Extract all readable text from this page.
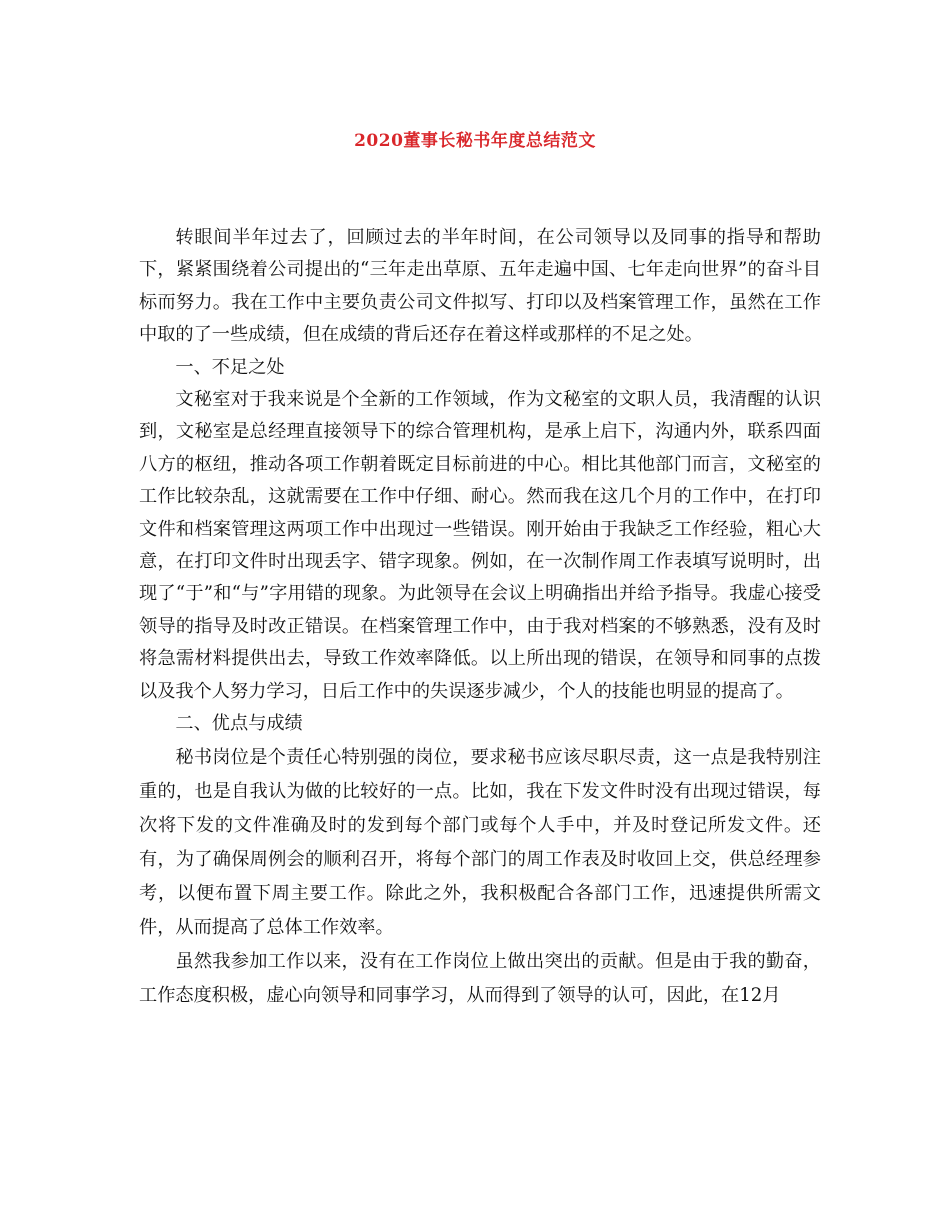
2020董事长秘书年度总结范文

转眼间半年过去了，回顾过去的半年时间，在公司领导以及同事的指导和帮助下，紧紧围绕着公司提出的“三年走出草原、五年走遍中国、七年走向世界”的奋斗目标而努力。我在工作中主要负责公司文件拟写、打印以及档案管理工作，虽然在工作中取的了一些成绩，但在成绩的背后还存在着这样或那样的不足之处。

一、不足之处

文秘室对于我来说是个全新的工作领域，作为文秘室的文职人员，我清醒的认识到，文秘室是总经理直接领导下的综合管理机构，是承上启下，沟通内外，联系四面八方的枢纽，推动各项工作朝着既定目标前进的中心。相比其他部门而言，文秘室的工作比较杂乱，这就需要在工作中仔细、耐心。然而我在这几个月的工作中，在打印文件和档案管理这两项工作中出现过一些错误。刚开始由于我缺乏工作经验，粗心大意，在打印文件时出现丢字、错字现象。例如，在一次制作周工作表填写说明时，出现了“于”和“与”字用错的现象。为此领导在会议上明确指出并给予指导。我虚心接受领导的指导及时改正错误。在档案管理工作中，由于我对档案的不够熟悉，没有及时将急需材料提供出去，导致工作效率降低。以上所出现的错误，在领导和同事的点拨以及我个人努力学习，日后工作中的失误逐步减少，个人的技能也明显的提高了。

二、优点与成绩

秘书岗位是个责任心特别强的岗位，要求秘书应该尽职尽责，这一点是我特别注重的，也是自我认为做的比较好的一点。比如，我在下发文件时没有出现过错误，每次将下发的文件准确及时的发到每个部门或每个人手中，并及时登记所发文件。还有，为了确保周例会的顺利召开，将每个部门的周工作表及时收回上交，供总经理参考，以便布置下周主要工作。除此之外，我积极配合各部门工作，迅速提供所需文件，从而提高了总体工作效率。

虽然我参加工作以来，没有在工作岗位上做出突出的贡献。但是由于我的勤奋，工作态度积极，虚心向领导和同事学习，从而得到了领导的认可，因此，在12月
